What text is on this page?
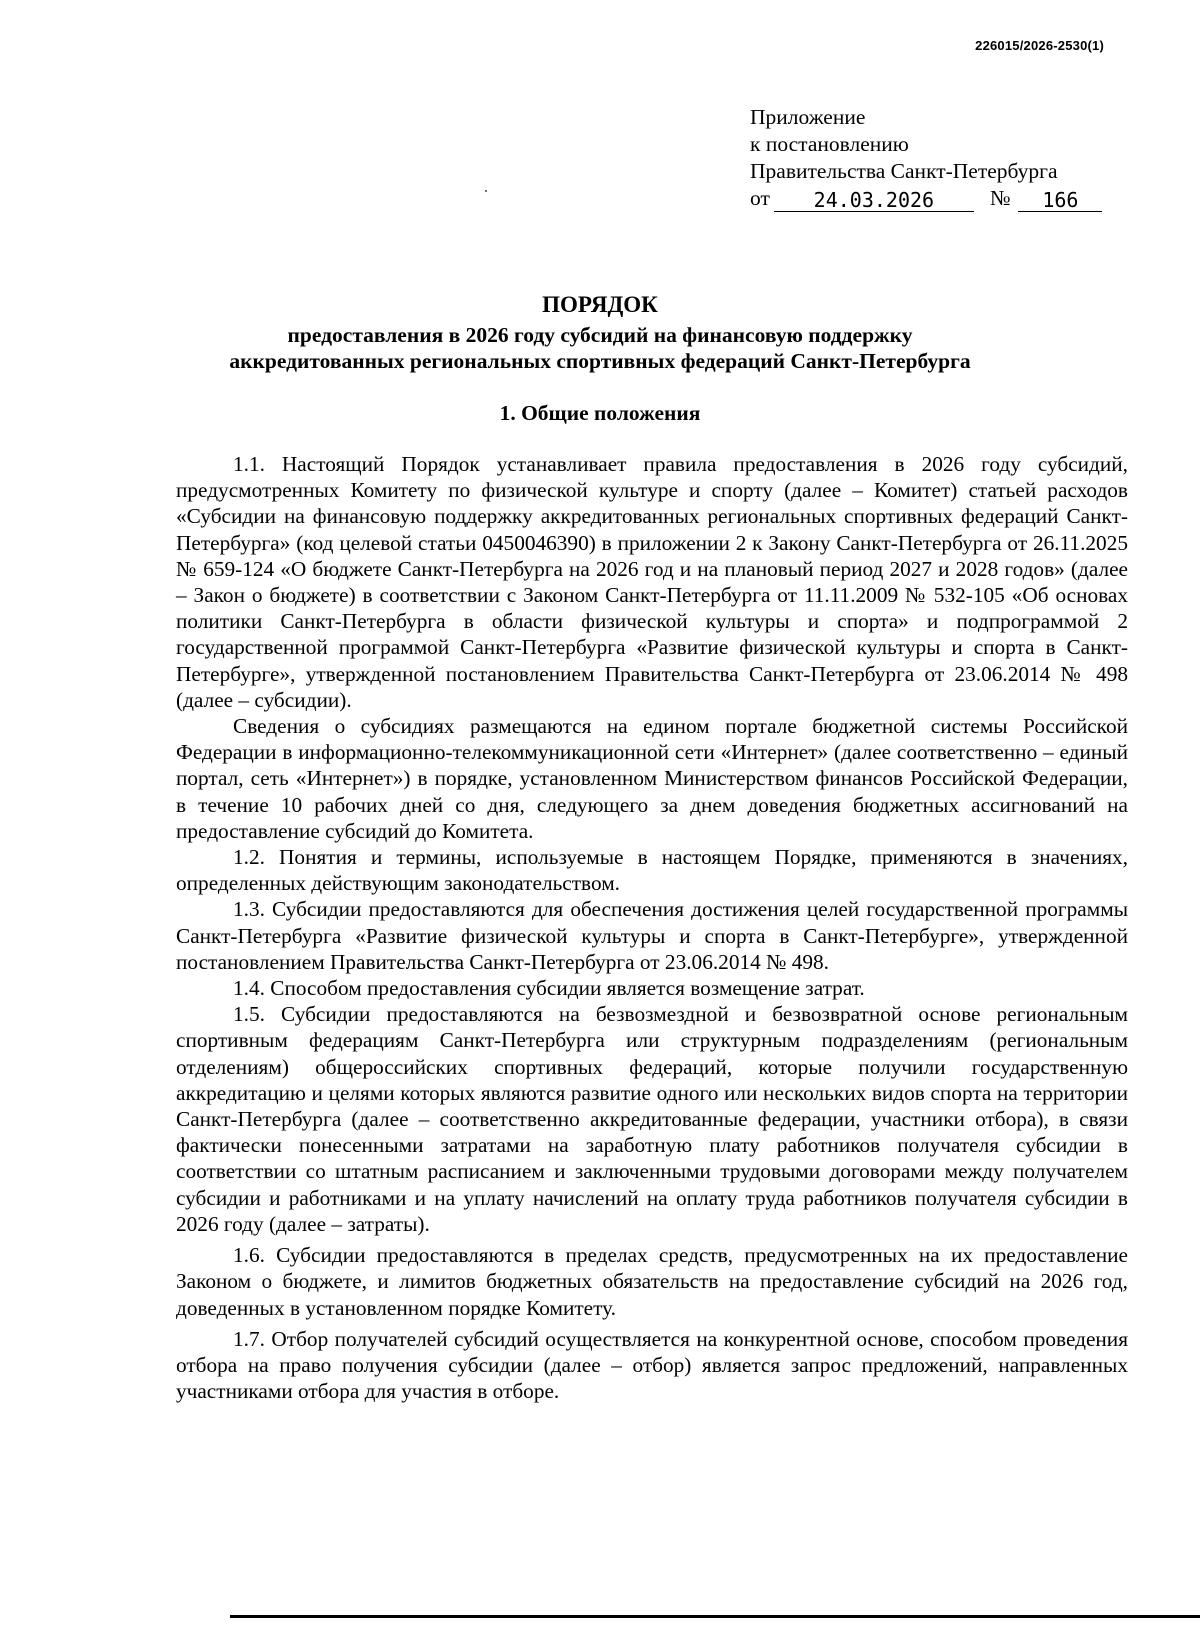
226015/2026-2530(1)
Приложение
к постановлению
Правительства Санкт-Петербурга
от	24.03.2026	№	166
ПОРЯДОК
предоставления в 2026 году субсидий на финансовую поддержку
аккредитованных региональных спортивных федераций Санкт-Петербурга
1. Общие положения

1.1. Настоящий Порядок устанавливает правила предоставления в 2026 году субсидий, предусмотренных Комитету по физической культуре и спорту (далее – Комитет) статьей расходов «Субсидии на финансовую поддержку аккредитованных региональных спортивных федераций Санкт-Петербурга» (код целевой статьи 0450046390) в приложении 2 к Закону Санкт-Петербурга от 26.11.2025 № 659-124 «О бюджете Санкт-Петербурга на 2026 год и на плановый период 2027 и 2028 годов» (далее – Закон о бюджете) в соответствии с Законом Санкт-Петербурга от 11.11.2009 № 532-105 «Об основах политики Санкт-Петербурга в области физической культуры и спорта» и подпрограммой 2 государственной программой Санкт-Петербурга «Развитие физической культуры и спорта в Санкт-Петербурге», утвержденной постановлением Правительства Санкт-Петербурга от 23.06.2014 № 498 (далее – субсидии).

Сведения о субсидиях размещаются на едином портале бюджетной системы Российской Федерации в информационно-телекоммуникационной сети «Интернет» (далее соответственно – единый портал, сеть «Интернет») в порядке, установленном Министерством финансов Российской Федерации, в течение 10 рабочих дней со дня, следующего за днем доведения бюджетных ассигнований на предоставление субсидий до Комитета.

1.2. Понятия и термины, используемые в настоящем Порядке, применяются в значениях, определенных действующим законодательством.

1.3. Субсидии предоставляются для обеспечения достижения целей государственной программы Санкт-Петербурга «Развитие физической культуры и спорта в Санкт-Петербурге», утвержденной постановлением Правительства Санкт-Петербурга от 23.06.2014 № 498.

1.4. Способом предоставления субсидии является возмещение затрат.

1.5. Субсидии предоставляются на безвозмездной и безвозвратной основе региональным спортивным федерациям Санкт-Петербурга или структурным подразделениям (региональным отделениям) общероссийских спортивных федераций, которые получили государственную аккредитацию и целями которых являются развитие одного или нескольких видов спорта на территории Санкт-Петербурга (далее – соответственно аккредитованные федерации, участники отбора), в связи фактически понесенными затратами на заработную плату работников получателя субсидии в соответствии со штатным расписанием и заключенными трудовыми договорами между получателем субсидии и работниками и на уплату начислений на оплату труда работников получателя субсидии в 2026 году (далее – затраты).

1.6. Субсидии предоставляются в пределах средств, предусмотренных на их предоставление Законом о бюджете, и лимитов бюджетных обязательств на предоставление субсидий на 2026 год, доведенных в установленном порядке Комитету.

1.7. Отбор получателей субсидий осуществляется на конкурентной основе, способом проведения отбора на право получения субсидии (далее – отбор) является запрос предложений, направленных участниками отбора для участия в отборе.
